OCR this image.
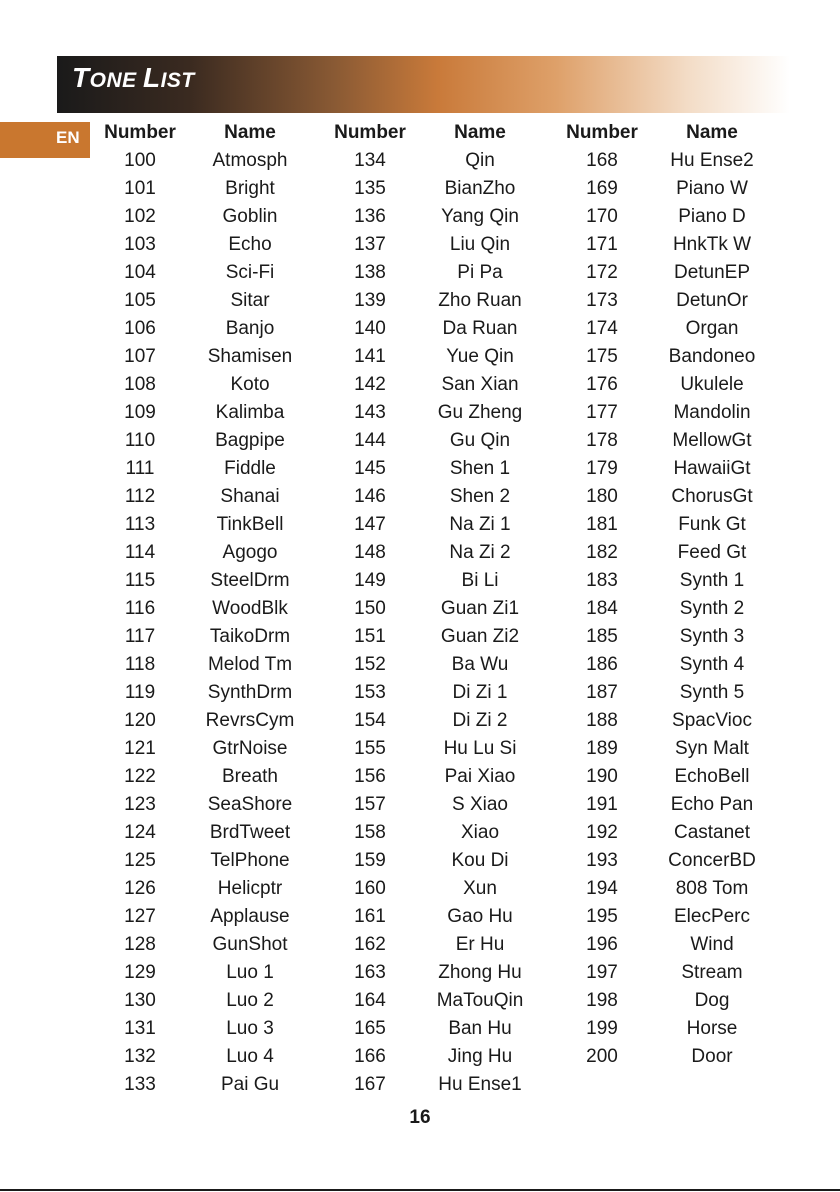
TONE LIST
EN	Number	Name
100	Atmosph
101	Bright
102	Goblin
103	Echo
104	Sci-Fi
105	Sitar
106	Banjo
107	Shamisen
108	Koto
109	Kalimba
110	Bagpipe
111	Fiddle
112	Shanai
113	TinkBell
114	Agogo
115	SteelDrm
116	WoodBlk
117	TaikoDrm
118	Melod Tm
119	SynthDrm
120	RevrsCym
121	GtrNoise
122	Breath
123	SeaShore
124	BrdTweet
125	TelPhone
126	Helicptr
127	Applause
128	GunShot
129	Luo 1
130	Luo 2
131	Luo 3
132	Luo 4
133	Pai Gu
Number	Name
134	Qin
135	BianZho
136	Yang Qin
137	Liu Qin
138	Pi Pa
139	Zho Ruan
140	Da Ruan
141	Yue Qin
142	San Xian
143	Gu Zheng
144	Gu Qin
145	Shen 1
146	Shen 2
147	Na Zi 1
148	Na Zi 2
149	Bi Li
150	Guan Zi1
151	Guan Zi2
152	Ba Wu
153	Di Zi 1
154	Di Zi 2
155	Hu Lu Si
156	Pai Xiao
157	S Xiao
158	Xiao
159	Kou Di
160	Xun
161	Gao Hu
162	Er Hu
163	Zhong Hu
164	MaTouQin
165	Ban Hu
166	Jing Hu
167	Hu Ense1
Number	Name
168	Hu Ense2
169	Piano W
170	Piano D
171	HnkTk W
172	DetunEP
173	DetunOr
174	Organ
175	Bandoneo
176	Ukulele
177	Mandolin
178	MellowGt
179	HawaiiGt
180	ChorusGt
181	Funk Gt
182	Feed Gt
183	Synth 1
184	Synth 2
185	Synth 3
186	Synth 4
187	Synth 5
188	SpacVioc
189	Syn Malt
190	EchoBell
191	Echo Pan
192	Castanet
193	ConcerBD
194	808 Tom
195	ElecPerc
196	Wind
197	Stream
198	Dog
199	Horse
200	Door
16
